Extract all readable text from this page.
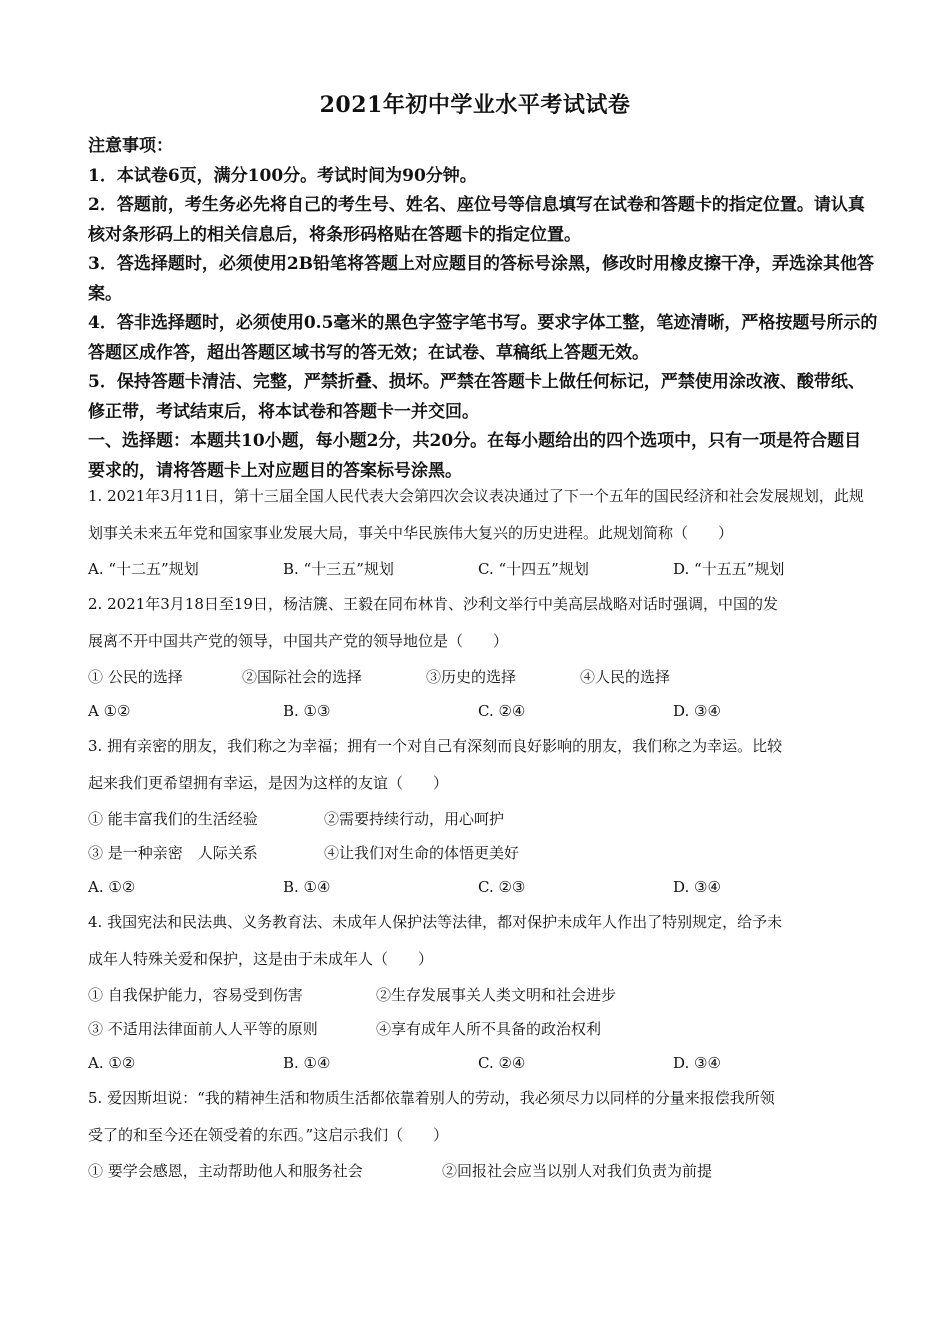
2021年初中学业水平考试试卷

注意事项：

1．本试卷6页，满分100分。考试时间为90分钟。

2．答题前，考生务必先将自己的考生号、姓名、座位号等信息填写在试卷和答题卡的指定位置。请认真核对条形码上的相关信息后，将条形码格贴在答题卡的指定位置。

3．答选择题时，必须使用2B铅笔将答题上对应题目的答标号涂黑，修改时用橡皮擦干净，弄选涂其他答案。

4．答非选择题时，必须使用0.5毫米的黑色字签字笔书写。要求字体工整，笔迹清晰，严格按题号所示的答题区成作答，超出答题区域书写的答无效；在试卷、草稿纸上答题无效。

5．保持答题卡清洁、完整，严禁折叠、损坏。严禁在答题卡上做任何标记，严禁使用涂改液、酸带纸、修正带，考试结束后，将本试卷和答题卡一并交回。

一、选择题：本题共10小题，每小题2分，共20分。在每小题给出的四个选项中，只有一项是符合题目要求的，请将答题卡上对应题目的答案标号涂黑。

1. 2021年3月11日，第十三届全国人民代表大会第四次会议表决通过了下一个五年的国民经济和社会发展规划，此规划事关未来五年党和国家事业发展大局，事关中华民族伟大复兴的历史进程。此规划简称（　　）

A. “十二五”规划	B. “十三五”规划	C. “十四五”规划	D. “十五五”规划

2. 2021年3月18日至19日，杨洁篪、王毅在同布林肯、沙利文举行中美高层战略对话时强调，中国的发

展离不开中国共产党的领导，中国共产党的领导地位是（　　）

① 公民的选择	②国际社会的选择	③历史的选择	④人民的选择

A ①②	B. ①③	C. ②④	D. ③④

3. 拥有亲密的朋友，我们称之为幸福；拥有一个对自己有深刻而良好影响的朋友，我们称之为幸运。比较

起来我们更希望拥有幸运，是因为这样的友谊（　　）

① 能丰富我们的生活经验	②需要持续行动，用心呵护

③ 是一种亲密　人际关系	④让我们对生命的体悟更美好

A. ①②	B. ①④	C. ②③	D. ③④

4. 我国宪法和民法典、义务教育法、未成年人保护法等法律，都对保护未成年人作出了特别规定，给予未

成年人特殊关爱和保护，这是由于未成年人（　　）

① 自我保护能力，容易受到伤害	②生存发展事关人类文明和社会进步

③ 不适用法律面前人人平等的原则	④享有成年人所不具备的政治权利

A. ①②	B. ①④	C. ②④	D. ③④

5. 爱因斯坦说：“我的精神生活和物质生活都依靠着别人的劳动，我必须尽力以同样的分量来报偿我所领

受了的和至今还在领受着的东西。”这启示我们（　　）

① 要学会感恩，主动帮助他人和服务社会	②回报社会应当以别人对我们负责为前提
